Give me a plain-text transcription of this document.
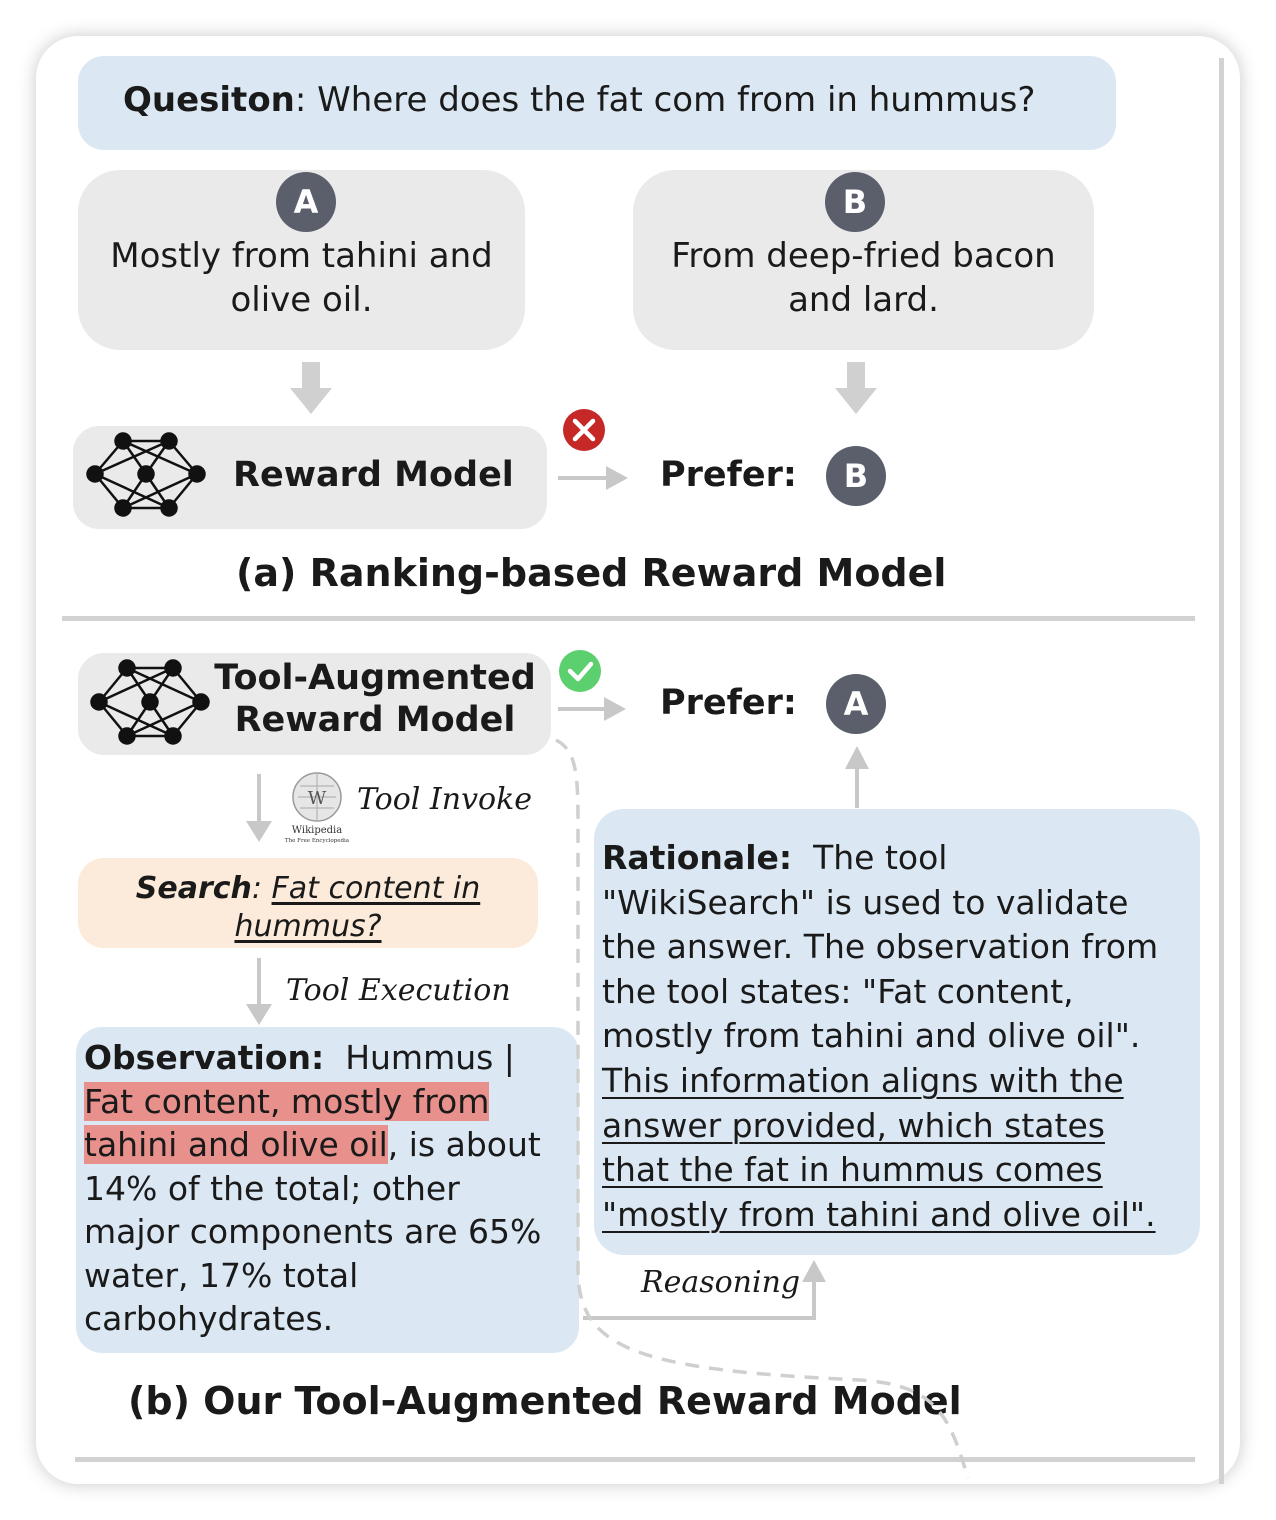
Quesiton: Where does the fat com from in hummus?
Mostly from tahini and
olive oil.
A
From deep-fried bacon
and lard.
B
Reward Model	Prefer:	B
(a) Ranking-based Reward Model
Tool-Augmented
Reward Model	Prefer:	A
Tool Invoke
Search: Fat content in
hummus?
Tool Execution
Observation: Hummus |
Fat content, mostly from
tahini and olive oil, is about
14% of the total; other
major components are 65%
water, 17% total
carbohydrates.
Rationale: The tool
"WikiSearch" is used to validate
the answer. The observation from
the tool states: "Fat content,
mostly from tahini and olive oil".
This information aligns with the
answer provided, which states
that the fat in hummus comes
"mostly from tahini and olive oil".
Reasoning
(b) Our Tool-Augmented Reward Model
W
Wikipedia
The Free Encyclopedia
